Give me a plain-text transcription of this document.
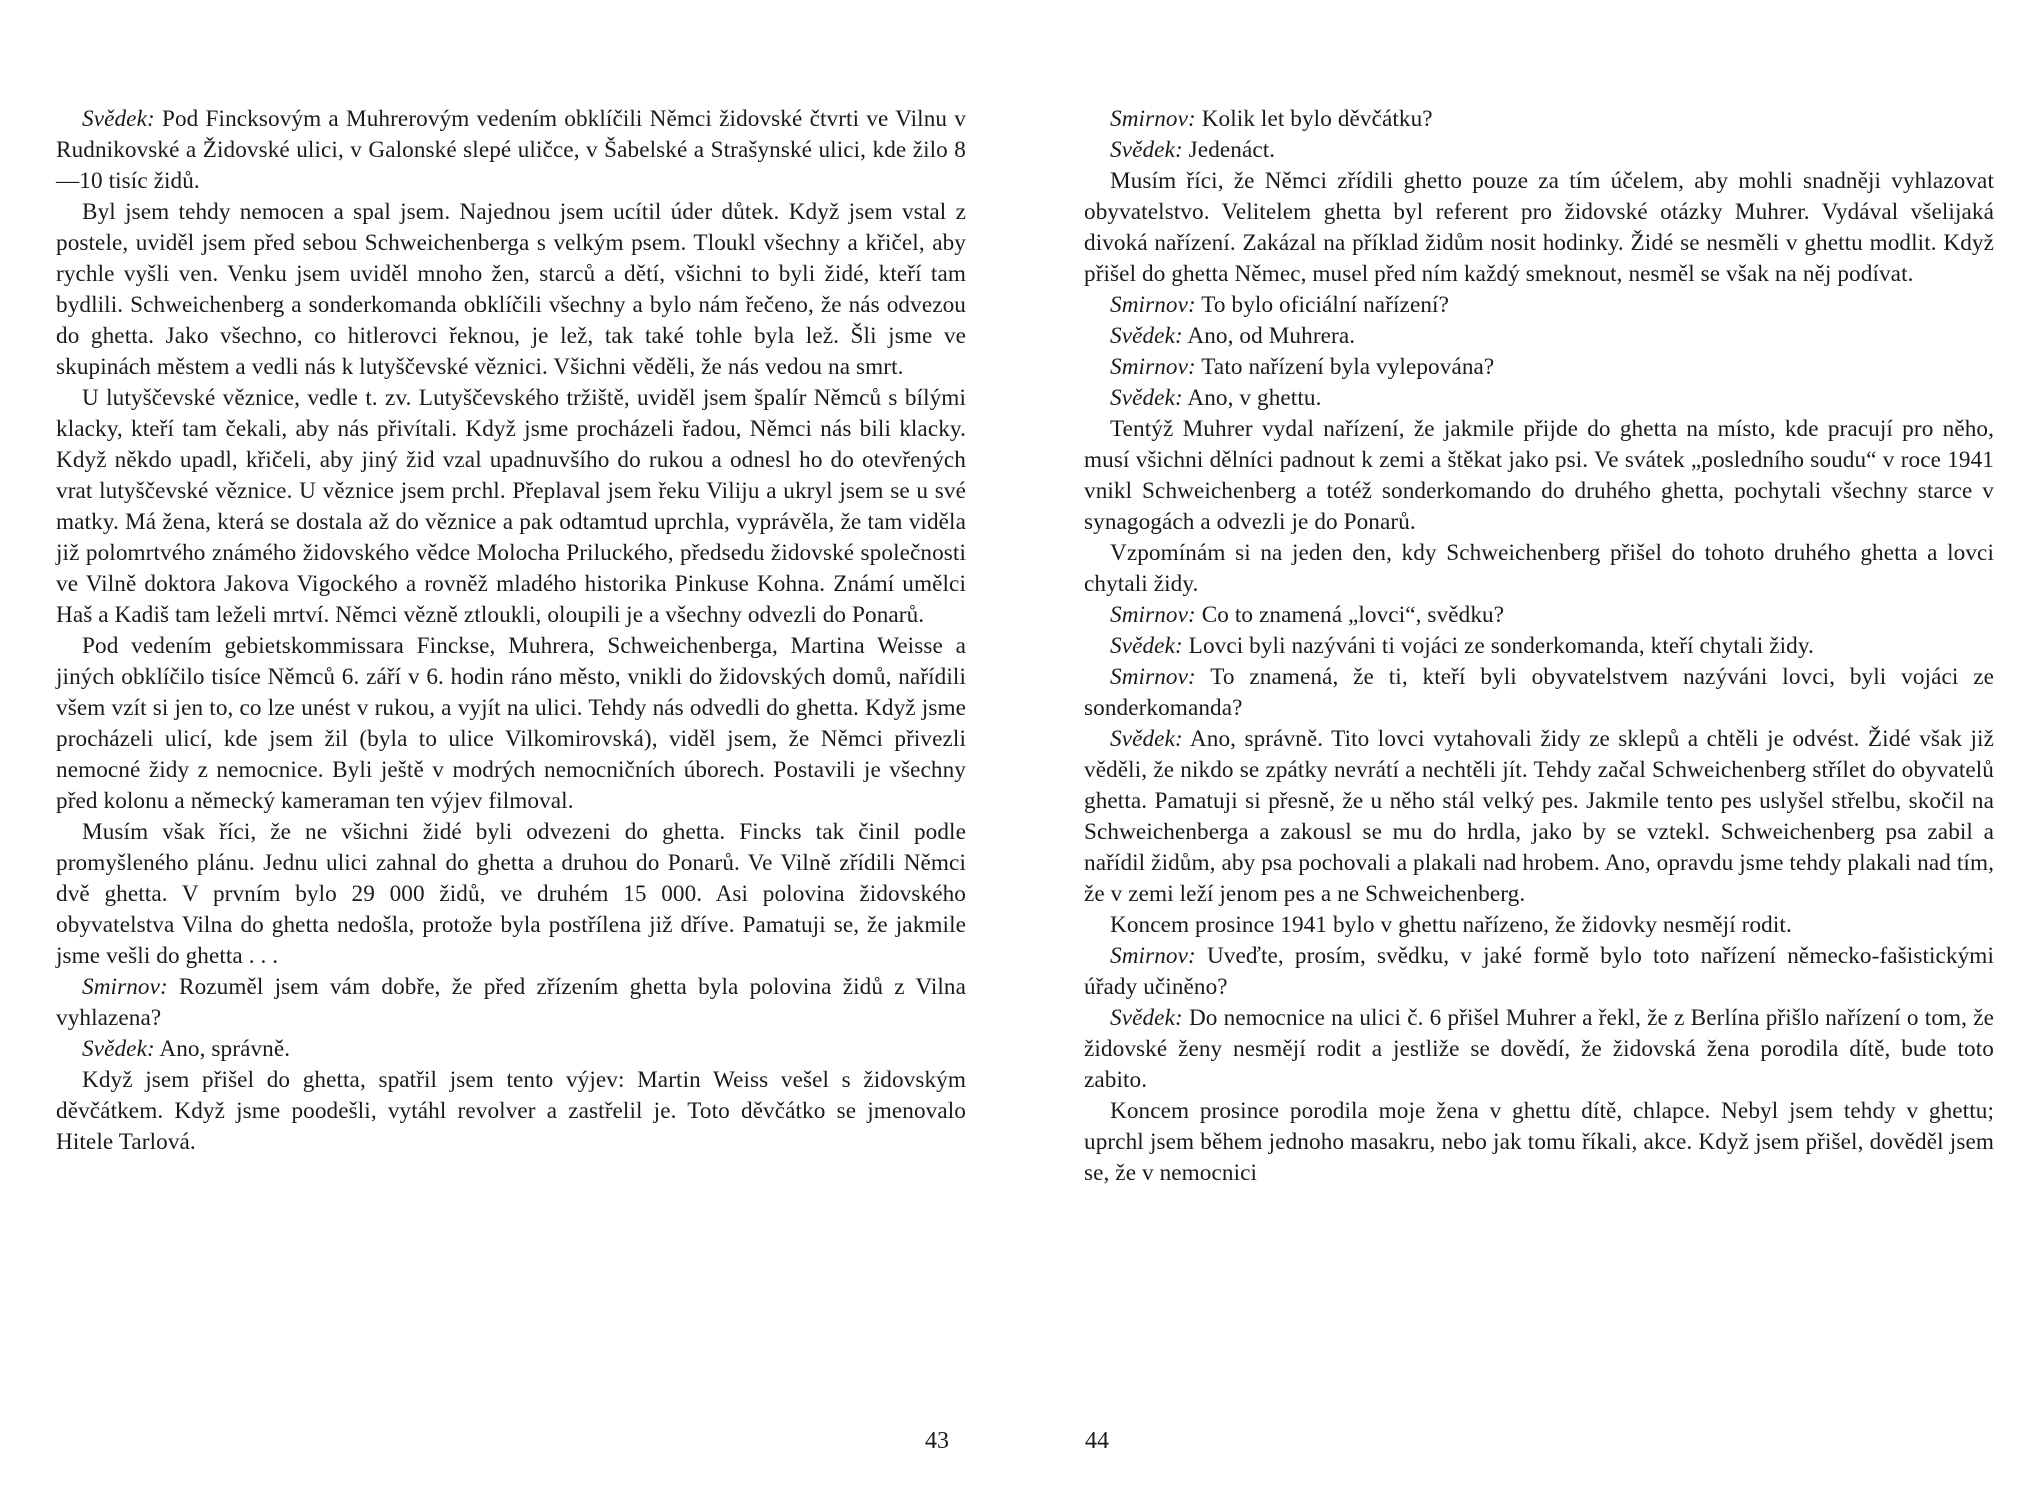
Svědek: Pod Fincksovým a Muhrerovým vedením obklíčili Němci židovské čtvrti ve Vilnu v Rudnikovské a Židovské ulici, v Galonské slepé uličce, v Šabelské a Strašynské ulici, kde žilo 8—10 tisíc židů.

Byl jsem tehdy nemocen a spal jsem. Najednou jsem ucítil úder důtek. Když jsem vstal z postele, uviděl jsem před sebou Schweichenberga s velkým psem. Tloukl všechny a křičel, aby rychle vyšli ven. Venku jsem uviděl mnoho žen, starců a dětí, všichni to byli židé, kteří tam bydlili. Schweichenberg a sonderkomanda obklíčili všechny a bylo nám řečeno, že nás odvezou do ghetta. Jako všechno, co hitlerovci řeknou, je lež, tak také tohle byla lež. Šli jsme ve skupinách městem a vedli nás k lutyščevské věznici. Všichni věděli, že nás vedou na smrt.

U lutyščevské věznice, vedle t. zv. Lutyščevského tržiště, uviděl jsem špalír Němců s bílými klacky, kteří tam čekali, aby nás přivítali. Když jsme procházeli řadou, Němci nás bili klacky. Když někdo upadl, křičeli, aby jiný žid vzal upadnuvšího do rukou a odnesl ho do otevřených vrat lutyščevské věznice. U věznice jsem prchl. Přeplaval jsem řeku Viliju a ukryl jsem se u své matky. Má žena, která se dostala až do věznice a pak odtamtud uprchla, vyprávěla, že tam viděla již polomrtvého známého židovského vědce Molocha Priluckého, předsedu židovské společnosti ve Vilně doktora Jakova Vigockého a rovněž mladého historika Pinkuse Kohna. Známí umělci Haš a Kadiš tam leželi mrtví. Němci vězně ztloukli, oloupili je a všechny odvezli do Ponarů.

Pod vedením gebietskommissara Finckse, Muhrera, Schweichenberga, Martina Weisse a jiných obklíčilo tisíce Němců 6. září v 6. hodin ráno město, vnikli do židovských domů, nařídili všem vzít si jen to, co lze unést v rukou, a vyjít na ulici. Tehdy nás odvedli do ghetta. Když jsme procházeli ulicí, kde jsem žil (byla to ulice Vilkomirovská), viděl jsem, že Němci přivezli nemocné židy z nemocnice. Byli ještě v modrých nemocničních úborech. Postavili je všechny před kolonu a německý kameraman ten výjev filmoval.

Musím však říci, že ne všichni židé byli odvezeni do ghetta. Fincks tak činil podle promyšleného plánu. Jednu ulici zahnal do ghetta a druhou do Ponarů. Ve Vilně zřídili Němci dvě ghetta. V prvním bylo 29 000 židů, ve druhém 15 000. Asi polovina židovského obyvatelstva Vilna do ghetta nedošla, protože byla postřílena již dříve. Pamatuji se, že jakmile jsme vešli do ghetta . . .

Smirnov: Rozuměl jsem vám dobře, že před zřízením ghetta byla polovina židů z Vilna vyhlazena?

Svědek: Ano, správně.

Když jsem přišel do ghetta, spatřil jsem tento výjev: Martin Weiss vešel s židovským děvčátkem. Když jsme poodešli, vytáhl revolver a zastřelil je. Toto děvčátko se jmenovalo Hitele Tarlová.

Smirnov: Kolik let bylo děvčátku?

Svědek: Jedenáct.

Musím říci, že Němci zřídili ghetto pouze za tím účelem, aby mohli snadněji vyhlazovat obyvatelstvo. Velitelem ghetta byl referent pro židovské otázky Muhrer. Vydával všelijaká divoká nařízení. Zakázal na příklad židům nosit hodinky. Židé se nesměli v ghettu modlit. Když přišel do ghetta Němec, musel před ním každý smeknout, nesměl se však na něj podívat.

Smirnov: To bylo oficiální nařízení?

Svědek: Ano, od Muhrera.

Smirnov: Tato nařízení byla vylepována?

Svědek: Ano, v ghettu.

Tentýž Muhrer vydal nařízení, že jakmile přijde do ghetta na místo, kde pracují pro něho, musí všichni dělníci padnout k zemi a štěkat jako psi. Ve svátek „posledního soudu“ v roce 1941 vnikl Schweichenberg a totéž sonderkomando do druhého ghetta, pochytali všechny starce v synagogách a odvezli je do Ponarů.

Vzpomínám si na jeden den, kdy Schweichenberg přišel do tohoto druhého ghetta a lovci chytali židy.

Smirnov: Co to znamená „lovci“, svědku?

Svědek: Lovci byli nazýváni ti vojáci ze sonderkomanda, kteří chytali židy.

Smirnov: To znamená, že ti, kteří byli obyvatelstvem nazýváni lovci, byli vojáci ze sonderkomanda?

Svědek: Ano, správně. Tito lovci vytahovali židy ze sklepů a chtěli je odvést. Židé však již věděli, že nikdo se zpátky nevrátí a nechtěli jít. Tehdy začal Schweichenberg střílet do obyvatelů ghetta. Pamatuji si přesně, že u něho stál velký pes. Jakmile tento pes uslyšel střelbu, skočil na Schweichenberga a zakousl se mu do hrdla, jako by se vztekl. Schweichenberg psa zabil a nařídil židům, aby psa pochovali a plakali nad hrobem. Ano, opravdu jsme tehdy plakali nad tím, že v zemi leží jenom pes a ne Schweichenberg.

Koncem prosince 1941 bylo v ghettu nařízeno, že židovky nesmějí rodit.

Smirnov: Uveďte, prosím, svědku, v jaké formě bylo toto nařízení německo-fašistickými úřady učiněno?

Svědek: Do nemocnice na ulici č. 6 přišel Muhrer a řekl, že z Berlína přišlo nařízení o tom, že židovské ženy nesmějí rodit a jestliže se dovědí, že židovská žena porodila dítě, bude toto zabito.

Koncem prosince porodila moje žena v ghettu dítě, chlapce. Nebyl jsem tehdy v ghettu; uprchl jsem během jednoho masakru, nebo jak tomu říkali, akce. Když jsem přišel, dověděl jsem se, že v nemocnici

43	44
